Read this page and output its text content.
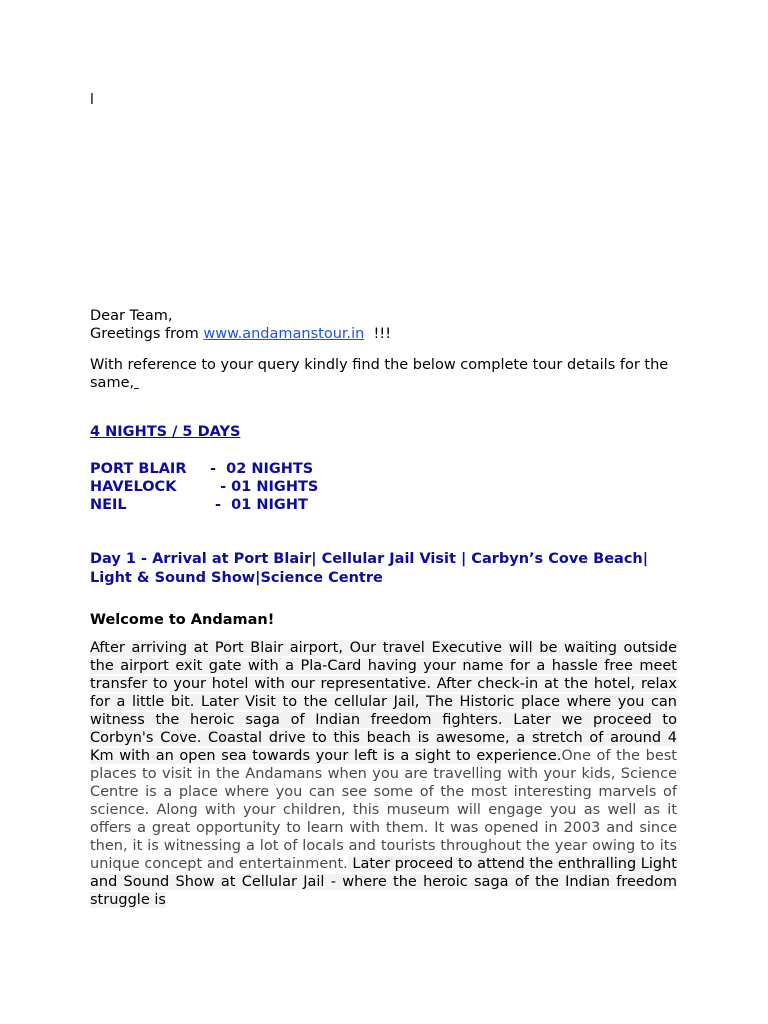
l
Dear Team,
Greetings from www.andamanstour.in  !!!
With reference to your query kindly find the below complete tour details for the same,
4 NIGHTS / 5 DAYS
PORT BLAIR	-  02 NIGHTS
HAVELOCK	- 01 NIGHTS
NEIL	-  01 NIGHT
Day 1 - Arrival at Port Blair| Cellular Jail Visit | Carbyn’s Cove Beach| Light & Sound Show|Science Centre
Welcome to Andaman!
After arriving at Port Blair airport, Our travel Executive will be waiting outside the airport exit gate with a Pla-Card having your name for a hassle free meet transfer to your hotel with our representative. After check-in at the hotel, relax for a little bit. Later Visit to the cellular Jail, The Historic place where you can witness the heroic saga of Indian freedom fighters. Later we proceed to Corbyn's Cove. Coastal drive to this beach is awesome, a stretch of around 4 Km with an open sea towards your left is a sight to experience.One of the best places to visit in the Andamans when you are travelling with your kids, Science Centre is a place where you can see some of the most interesting marvels of science. Along with your children, this museum will engage you as well as it offers a great opportunity to learn with them. It was opened in 2003 and since then, it is witnessing a lot of locals and tourists throughout the year owing to its unique concept and entertainment. Later proceed to attend the enthralling Light and Sound Show at Cellular Jail - where the heroic saga of the Indian freedom struggle is
